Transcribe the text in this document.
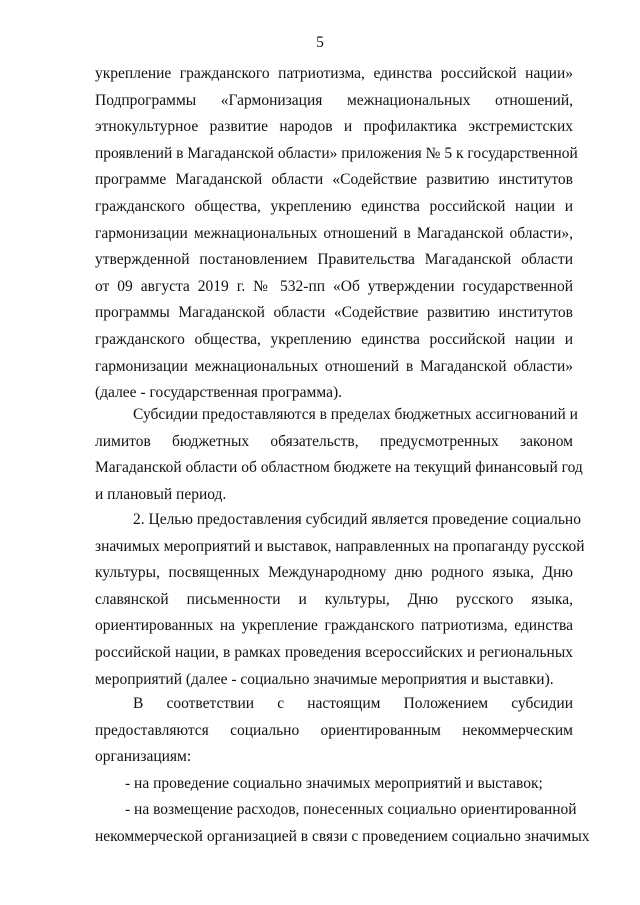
5
укрепление гражданского патриотизма, единства российской нации»
Подпрограммы «Гармонизация межнациональных отношений,
этнокультурное развитие народов и профилактика экстремистских
проявлений в Магаданской области» приложения № 5 к государственной
программе Магаданской области «Содействие развитию институтов
гражданского общества, укреплению единства российской нации и
гармонизации межнациональных отношений в Магаданской области»,
утвержденной постановлением Правительства Магаданской области
от 09 августа 2019 г. № 532-пп «Об утверждении государственной
программы Магаданской области «Содействие развитию институтов
гражданского общества, укреплению единства российской нации и
гармонизации межнациональных отношений в Магаданской области»
(далее - государственная программа).
Субсидии предоставляются в пределах бюджетных ассигнований и
лимитов бюджетных обязательств, предусмотренных законом
Магаданской области об областном бюджете на текущий финансовый год
и плановый период.
2. Целью предоставления субсидий является проведение социально
значимых мероприятий и выставок, направленных на пропаганду русской
культуры, посвященных Международному дню родного языка, Дню
славянской письменности и культуры, Дню русского языка,
ориентированных на укрепление гражданского патриотизма, единства
российской нации, в рамках проведения всероссийских и региональных
мероприятий (далее - социально значимые мероприятия и выставки).
В соответствии с настоящим Положением субсидии
предоставляются социально ориентированным некоммерческим
организациям:
- на проведение социально значимых мероприятий и выставок;
- на возмещение расходов, понесенных социально ориентированной
некоммерческой организацией в связи с проведением социально значимых
